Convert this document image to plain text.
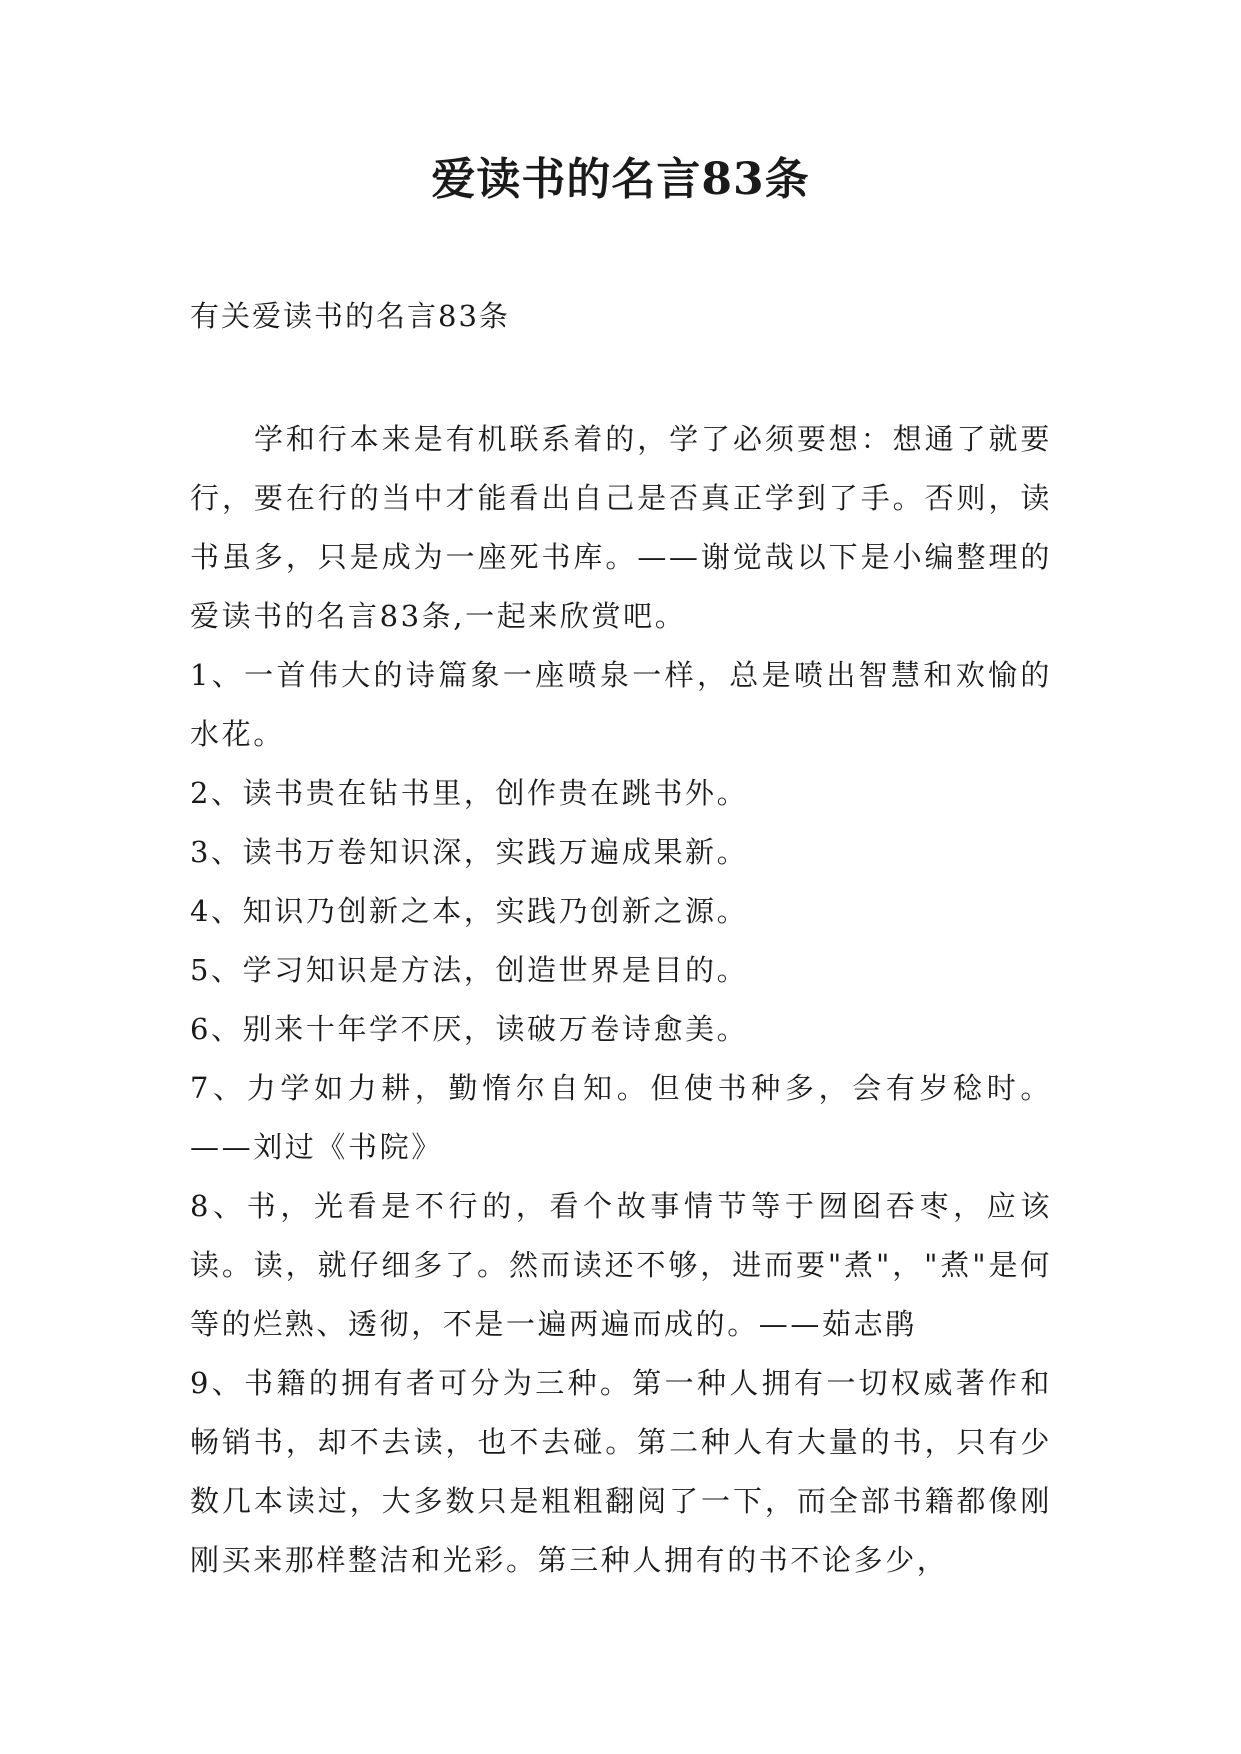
爱读书的名言83条
有关爱读书的名言83条

学和行本来是有机联系着的，学了必须要想：想通了就要行，要在行的当中才能看出自己是否真正学到了手。否则，读书虽多，只是成为一座死书库。——谢觉哉以下是小编整理的爱读书的名言83条,一起来欣赏吧。

1、一首伟大的诗篇象一座喷泉一样，总是喷出智慧和欢愉的水花。

2、读书贵在钻书里，创作贵在跳书外。

3、读书万卷知识深，实践万遍成果新。

4、知识乃创新之本，实践乃创新之源。

5、学习知识是方法，创造世界是目的。

6、别来十年学不厌，读破万卷诗愈美。

7、力学如力耕，勤惰尔自知。但使书种多，会有岁稔时。——刘过《书院》

8、书，光看是不行的，看个故事情节等于囫囵吞枣，应该读。读，就仔细多了。然而读还不够，进而要"煮"，"煮"是何等的烂熟、透彻，不是一遍两遍而成的。——茹志鹃

9、书籍的拥有者可分为三种。第一种人拥有一切权威著作和畅销书，却不去读，也不去碰。第二种人有大量的书，只有少数几本读过，大多数只是粗粗翻阅了一下，而全部书籍都像刚刚买来那样整洁和光彩。第三种人拥有的书不论多少，
